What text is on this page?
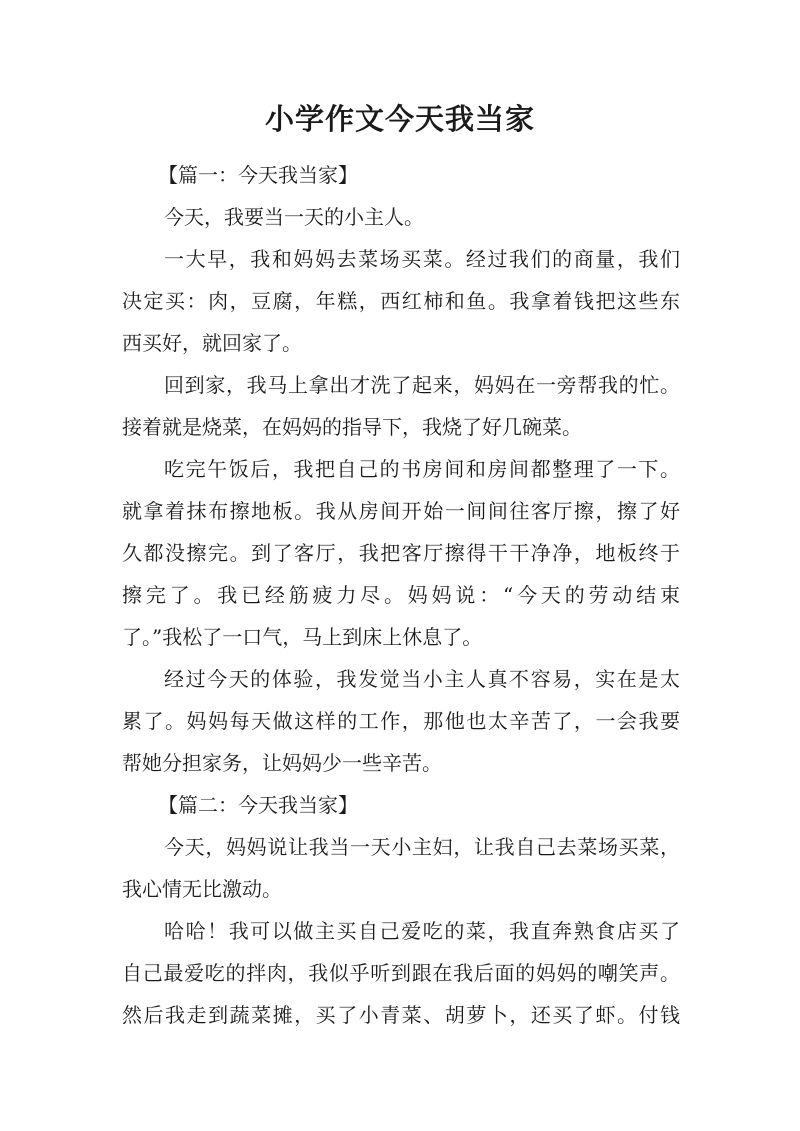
小学作文今天我当家

【篇一：今天我当家】

今天，我要当一天的小主人。

一大早，我和妈妈去菜场买菜。经过我们的商量，我们

决定买：肉，豆腐，年糕，西红柿和鱼。我拿着钱把这些东

西买好，就回家了。

回到家，我马上拿出才洗了起来，妈妈在一旁帮我的忙。

接着就是烧菜，在妈妈的指导下，我烧了好几碗菜。

吃完午饭后，我把自己的书房间和房间都整理了一下。

就拿着抹布擦地板。我从房间开始一间间往客厅擦，擦了好

久都没擦完。到了客厅，我把客厅擦得干干净净，地板终于

擦完了。我已经筋疲力尽。妈妈说：“今天的劳动结束

了。”我松了一口气，马上到床上休息了。

经过今天的体验，我发觉当小主人真不容易，实在是太

累了。妈妈每天做这样的工作，那他也太辛苦了，一会我要

帮她分担家务，让妈妈少一些辛苦。

【篇二：今天我当家】

今天，妈妈说让我当一天小主妇，让我自己去菜场买菜，

我心情无比激动。

哈哈！我可以做主买自己爱吃的菜，我直奔熟食店买了

自己最爱吃的拌肉，我似乎听到跟在我后面的妈妈的嘲笑声。

然后我走到蔬菜摊，买了小青菜、胡萝卜，还买了虾。付钱
